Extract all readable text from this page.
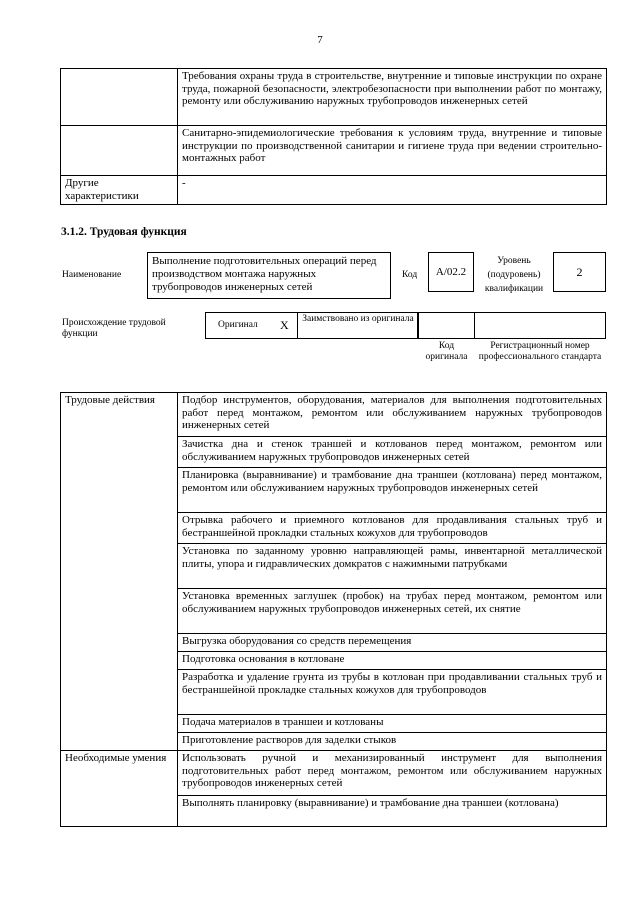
7
	Требования охраны труда в строительстве, внутренние и типовые инструкции по охране труда, пожарной безопасности, электробезопасности при выполнении работ по монтажу, ремонту или обслуживанию наружных трубопроводов инженерных сетей
	Санитарно-эпидемиологические требования к условиям труда, внутренние и типовые инструкции по производственной санитарии и гигиене труда при ведении строительно-монтажных работ
Другие характеристики	-
3.1.2. Трудовая функция
Наименование
Выполнение подготовительных операций перед производством монтажа наружных трубопроводов инженерных сетей
Код	А/02.2
Уровень (подуровень) квалификации
2
Происхождение трудовой функции
Оригинал X Заимствовано из оригинала
Код оригинала
Регистрационный номер профессионального стандарта
Трудовые действия	Подбор инструментов, оборудования, материалов для выполнения подготовительных работ перед монтажом, ремонтом или обслуживанием наружных трубопроводов инженерных сетей
	Зачистка дна и стенок траншей и котлованов перед монтажом, ремонтом или обслуживанием наружных трубопроводов инженерных сетей
	Планировка (выравнивание) и трамбование дна траншеи (котлована) перед монтажом, ремонтом или обслуживанием наружных трубопроводов инженерных сетей
	Отрывка рабочего и приемного котлованов для продавливания стальных труб и бестраншейной прокладки стальных кожухов для трубопроводов
	Установка по заданному уровню направляющей рамы, инвентарной металлической плиты, упора и гидравлических домкратов с нажимными патрубками
	Установка временных заглушек (пробок) на трубах перед монтажом, ремонтом или обслуживанием наружных трубопроводов инженерных сетей, их снятие
	Выгрузка оборудования со средств перемещения
	Подготовка основания в котловане
	Разработка и удаление грунта из трубы в котлован при продавливании стальных труб и бестраншейной прокладке стальных кожухов для трубопроводов
	Подача материалов в траншеи и котлованы
	Приготовление растворов для заделки стыков
Необходимые умения	Использовать ручной и механизированный инструмент для выполнения подготовительных работ перед монтажом, ремонтом или обслуживанием наружных трубопроводов инженерных сетей
	Выполнять планировку (выравнивание) и трамбование дна траншеи (котлована)
